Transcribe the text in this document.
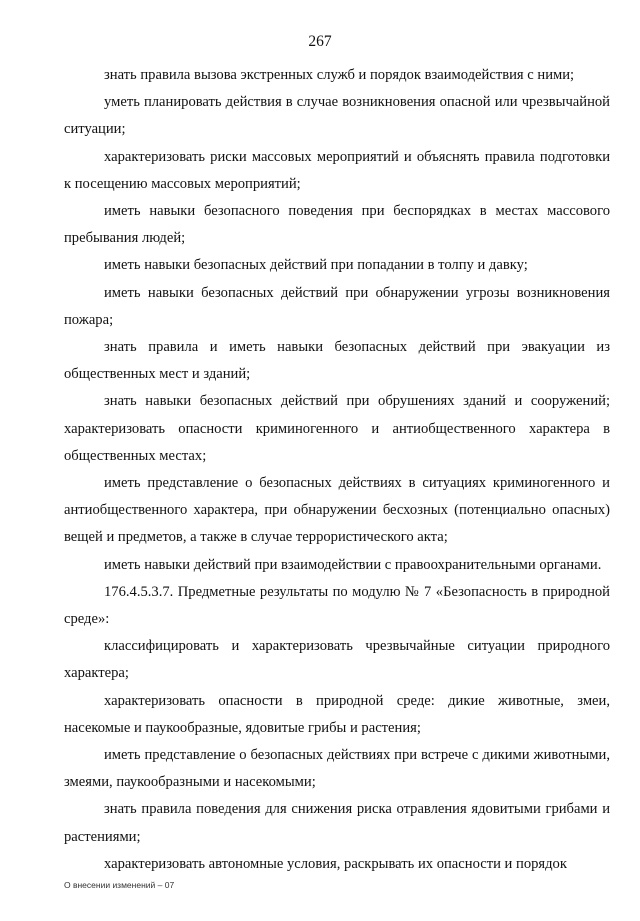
267

знать правила вызова экстренных служб и порядок взаимодействия с ними;

уметь планировать действия в случае возникновения опасной или чрезвычайной ситуации;

характеризовать риски массовых мероприятий и объяснять правила подготовки к посещению массовых мероприятий;

иметь навыки безопасного поведения при беспорядках в местах массового пребывания людей;

иметь навыки безопасных действий при попадании в толпу и давку;

иметь навыки безопасных действий при обнаружении угрозы возникновения пожара;

знать правила и иметь навыки безопасных действий при эвакуации из общественных мест и зданий;

знать навыки безопасных действий при обрушениях зданий и сооружений; характеризовать опасности криминогенного и антиобщественного характера в общественных местах;

иметь представление о безопасных действиях в ситуациях криминогенного и антиобщественного характера, при обнаружении бесхозных (потенциально опасных) вещей и предметов, а также в случае террористического акта;

иметь навыки действий при взаимодействии с правоохранительными органами.

176.4.5.3.7. Предметные результаты по модулю № 7 «Безопасность в природной среде»:

классифицировать и характеризовать чрезвычайные ситуации природного характера;

характеризовать опасности в природной среде: дикие животные, змеи, насекомые и паукообразные, ядовитые грибы и растения;

иметь представление о безопасных действиях при встрече с дикими животными, змеями, паукообразными и насекомыми;

знать правила поведения для снижения риска отравления ядовитыми грибами и растениями;

характеризовать автономные условия, раскрывать их опасности и порядок

О внесении изменений – 07
